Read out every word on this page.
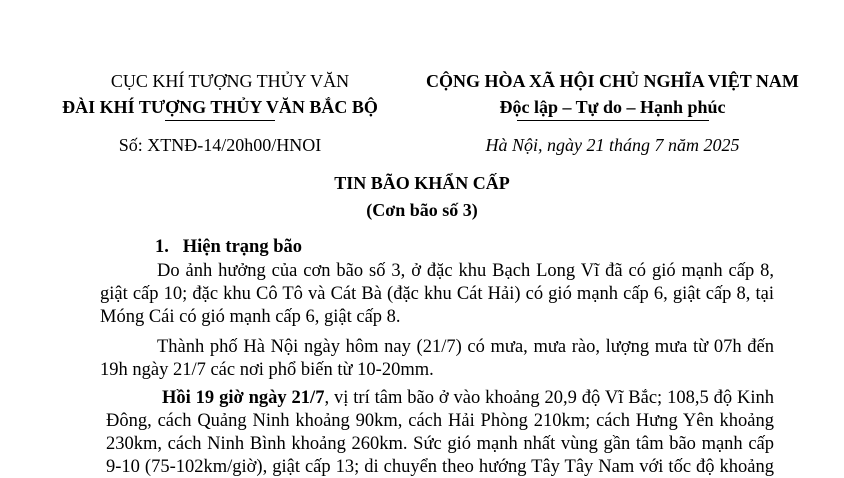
CỤC KHÍ TƯỢNG THỦY VĂN
ĐÀI KHÍ TƯỢNG THỦY VĂN BẮC BỘ
Số: XTNĐ-14/20h00/HNOI
CỘNG HÒA XÃ HỘI CHỦ NGHĨA VIỆT NAM
Độc lập – Tự do – Hạnh phúc
Hà Nội, ngày 21 tháng 7 năm 2025
TIN BÃO KHẨN CẤP
(Cơn bão số 3)
1.   Hiện trạng bão
Do ảnh hưởng của cơn bão số 3, ở đặc khu Bạch Long Vĩ đã có gió mạnh cấp 8,
giật cấp 10; đặc khu Cô Tô và Cát Bà (đặc khu Cát Hải) có gió mạnh cấp 6, giật cấp 8, tại
Móng Cái có gió mạnh cấp 6, giật cấp 8.
Thành phố Hà Nội ngày hôm nay (21/7) có mưa, mưa rào, lượng mưa từ 07h đến
19h ngày 21/7 các nơi phổ biến từ 10-20mm.
Hồi 19 giờ ngày 21/7, vị trí tâm bão ở vào khoảng 20,9 độ Vĩ Bắc; 108,5 độ Kinh
Đông, cách Quảng Ninh khoảng 90km, cách Hải Phòng 210km; cách Hưng Yên khoảng
230km, cách Ninh Bình khoảng 260km. Sức gió mạnh nhất vùng gần tâm bão mạnh cấp
9-10 (75-102km/giờ), giật cấp 13; di chuyển theo hướng Tây Tây Nam với tốc độ khoảng
